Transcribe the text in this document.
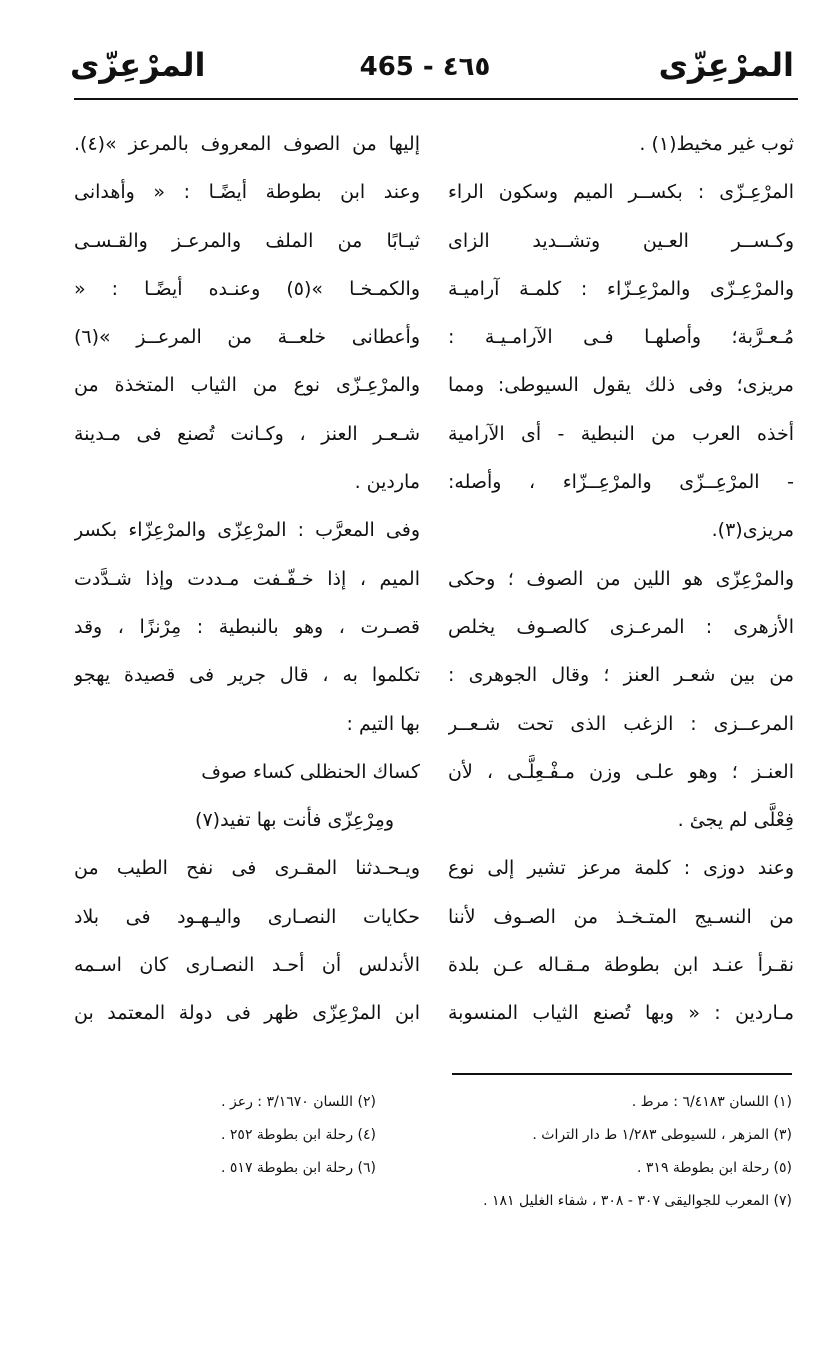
المرْعِزّى
465 - ٤٦٥
المرْعِزّى
ثوب غير مخيط(١) .
المرْعِـزّى : بكســر الميم وسكون الراء
وكـســر العـين وتشــديد الزاى
والمرْعِـزّى والمرْعِـزّاء : كلمـة آراميـة
مُـعـرَّبة؛ وأصلهـا فـى الآرامـيـة :
مريزى؛ وفى ذلك يقول السيوطى: ومما
أخذه العرب من النبطية - أى الآرامية
- المرْعِــزّى والمرْعِــزّاء ، وأصله:
مريزى(٣).
والمرْعِزّى هو اللين من الصوف ؛ وحكى
الأزهرى : المرعـزى كالصـوف يخلص
من بين شعـر العنز ؛ وقال الجوهرى :
المرعــزى : الزغب الذى تحت شـعــر
العنـز ؛ وهو علـى وزن مـفْـعِلَّـى ، لأن
فِعْلَّى لم يجئ .
وعند دوزى : كلمة مرعز تشير إلى نوع
من النسـيج المتـخـذ من الصـوف لأننا
نقـرأ عنـد ابن بطوطة مـقـاله عـن بلدة
مـاردين : « وبها تُصنع الثياب المنسوبة
إليها من الصوف المعروف بالمرعز »(٤).
وعند ابن بطوطة أيضًـا : « وأهدانى
ثيـابًا من الملف والمرعـز والقـسـى
والكمـخـا »(٥) وعنـده أيضًـا : «
وأعطانى خلعــة من المرعــز »(٦)
والمرْعِـزّى نوع من الثياب المتخذة من
شـعـر العنز ، وكـانت تُصنع فى مـدينة
ماردين .
وفى المعرَّب : المرْعِزّى والمرْعِزّاء بكسر
الميم ، إذا خـفّـفت مـددت وإذا شـدَّدت
قصـرت ، وهو بالنبطية : مِرْنزًا ، وقد
تكلموا به ، قال جرير فى قصيدة يهجو
بها التيم :
كساك الحنظلى كساء صوف
ومِرْعِزّى فأنت بها تفيد(٧)
ويـحـدثنا المقـرى فى نفح الطيب من
حكايات النصـارى واليـهـود فى بلاد
الأندلس أن أحـد النصـارى كان اسـمه
ابن المرْعِزّى ظهر فى دولة المعتمد بن
(١) اللسان ٦/٤١٨٣ : مرط .
(٢) اللسان ٣/١٦٧٠ : رعز .
(٣) المزهر ، للسيوطى ١/٢٨٣ ط دار التراث .
(٤) رحلة ابن بطوطة ٢٥٢ .
(٥) رحلة ابن بطوطة ٣١٩ .
(٦) رحلة ابن بطوطة ٥١٧ .
(٧) المعرب للجواليقى ٣٠٧ - ٣٠٨ ، شفاء الغليل ١٨١ .
